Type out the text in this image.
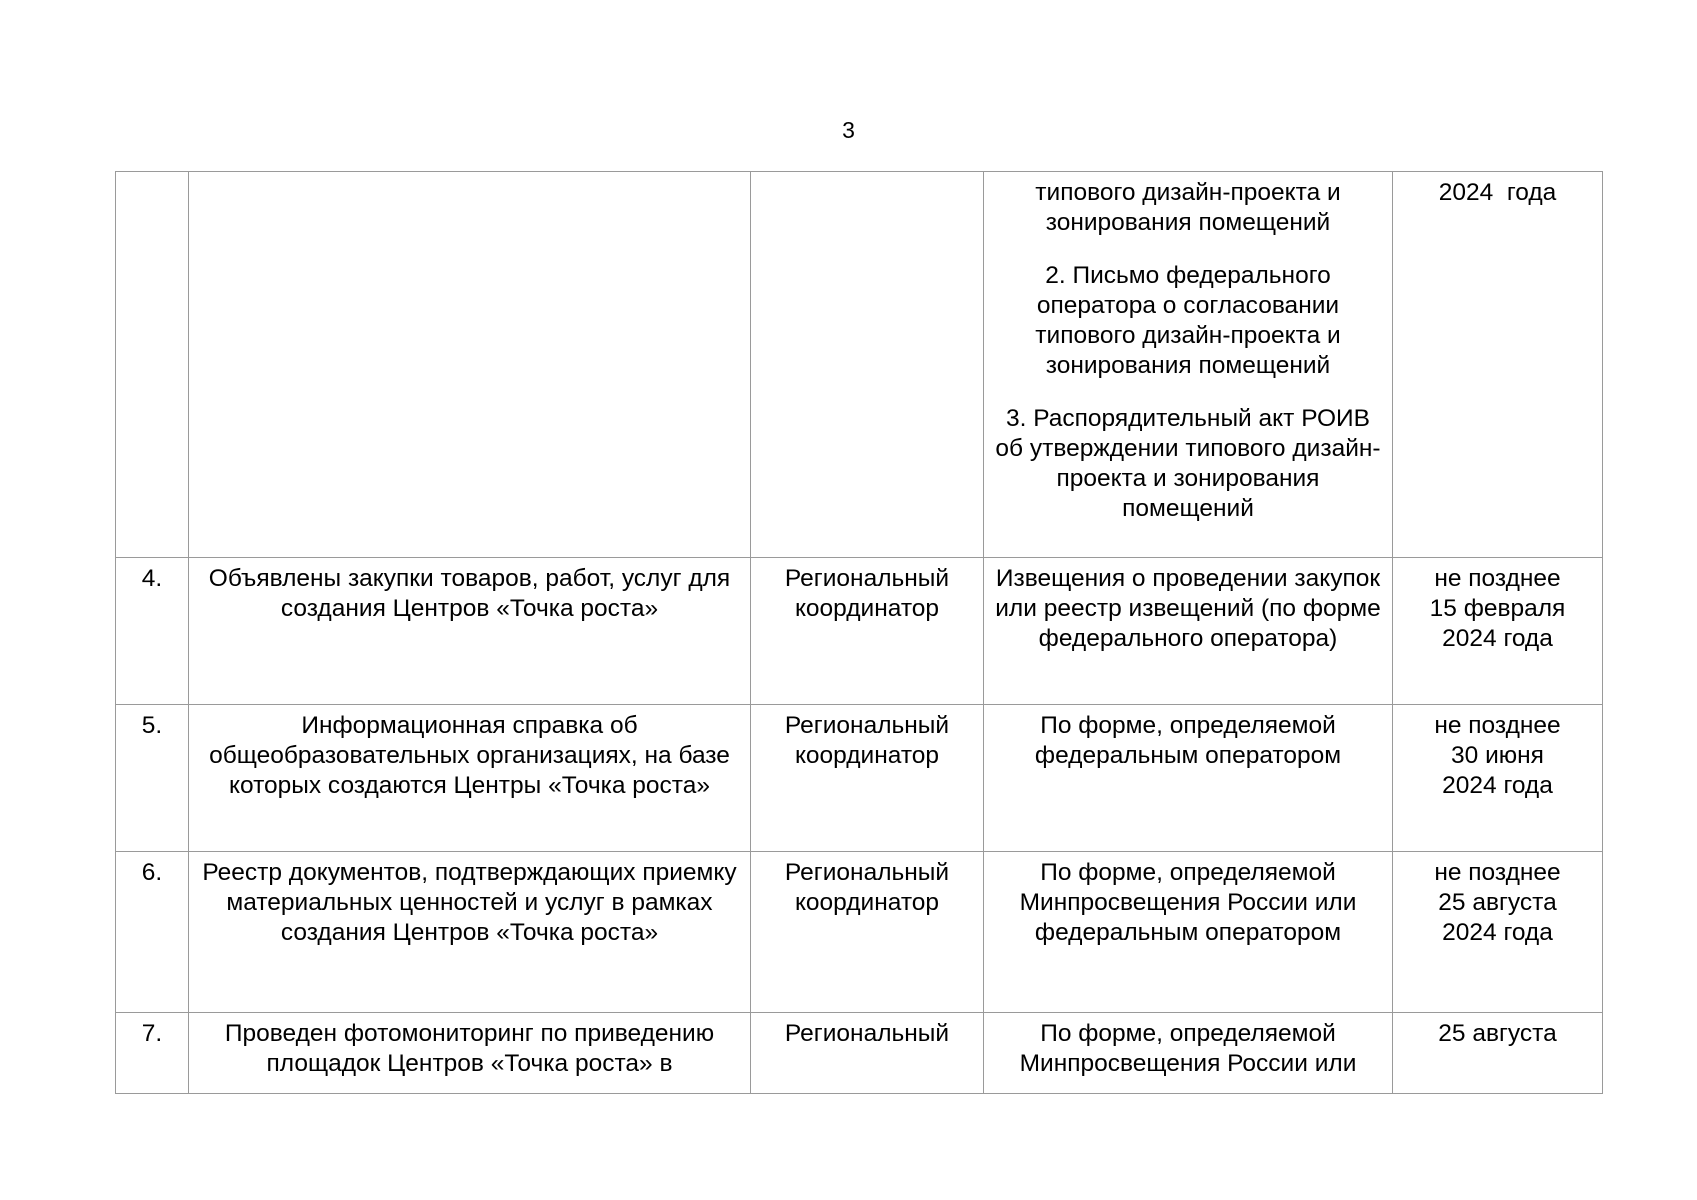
3

			типового дизайн-проекта и зонирования помещений
2. Письмо федерального оператора о согласовании типового дизайн-проекта и зонирования помещений
3. Распорядительный акт РОИВ об утверждении типового дизайн-проекта и зонирования помещений	2024  года

4.	Объявлены закупки товаров, работ, услуг для создания Центров «Точка роста»	Региональный координатор	Извещения о проведении закупок или реестр извещений (по форме федерального оператора)	не позднее
15 февраля
2024 года

5.	Информационная справка об общеобразовательных организациях, на базе которых создаются Центры «Точка роста»	Региональный координатор	По форме, определяемой федеральным оператором	не позднее
30 июня
2024 года

6.	Реестр документов, подтверждающих приемку материальных ценностей и услуг в рамках создания Центров «Точка роста»	Региональный координатор	По форме, определяемой Минпросвещения России или федеральным оператором	не позднее
25 августа
2024 года

7.	Проведен фотомониторинг по приведению площадок Центров «Точка роста» в	Региональный	По форме, определяемой Минпросвещения России или	25 августа
